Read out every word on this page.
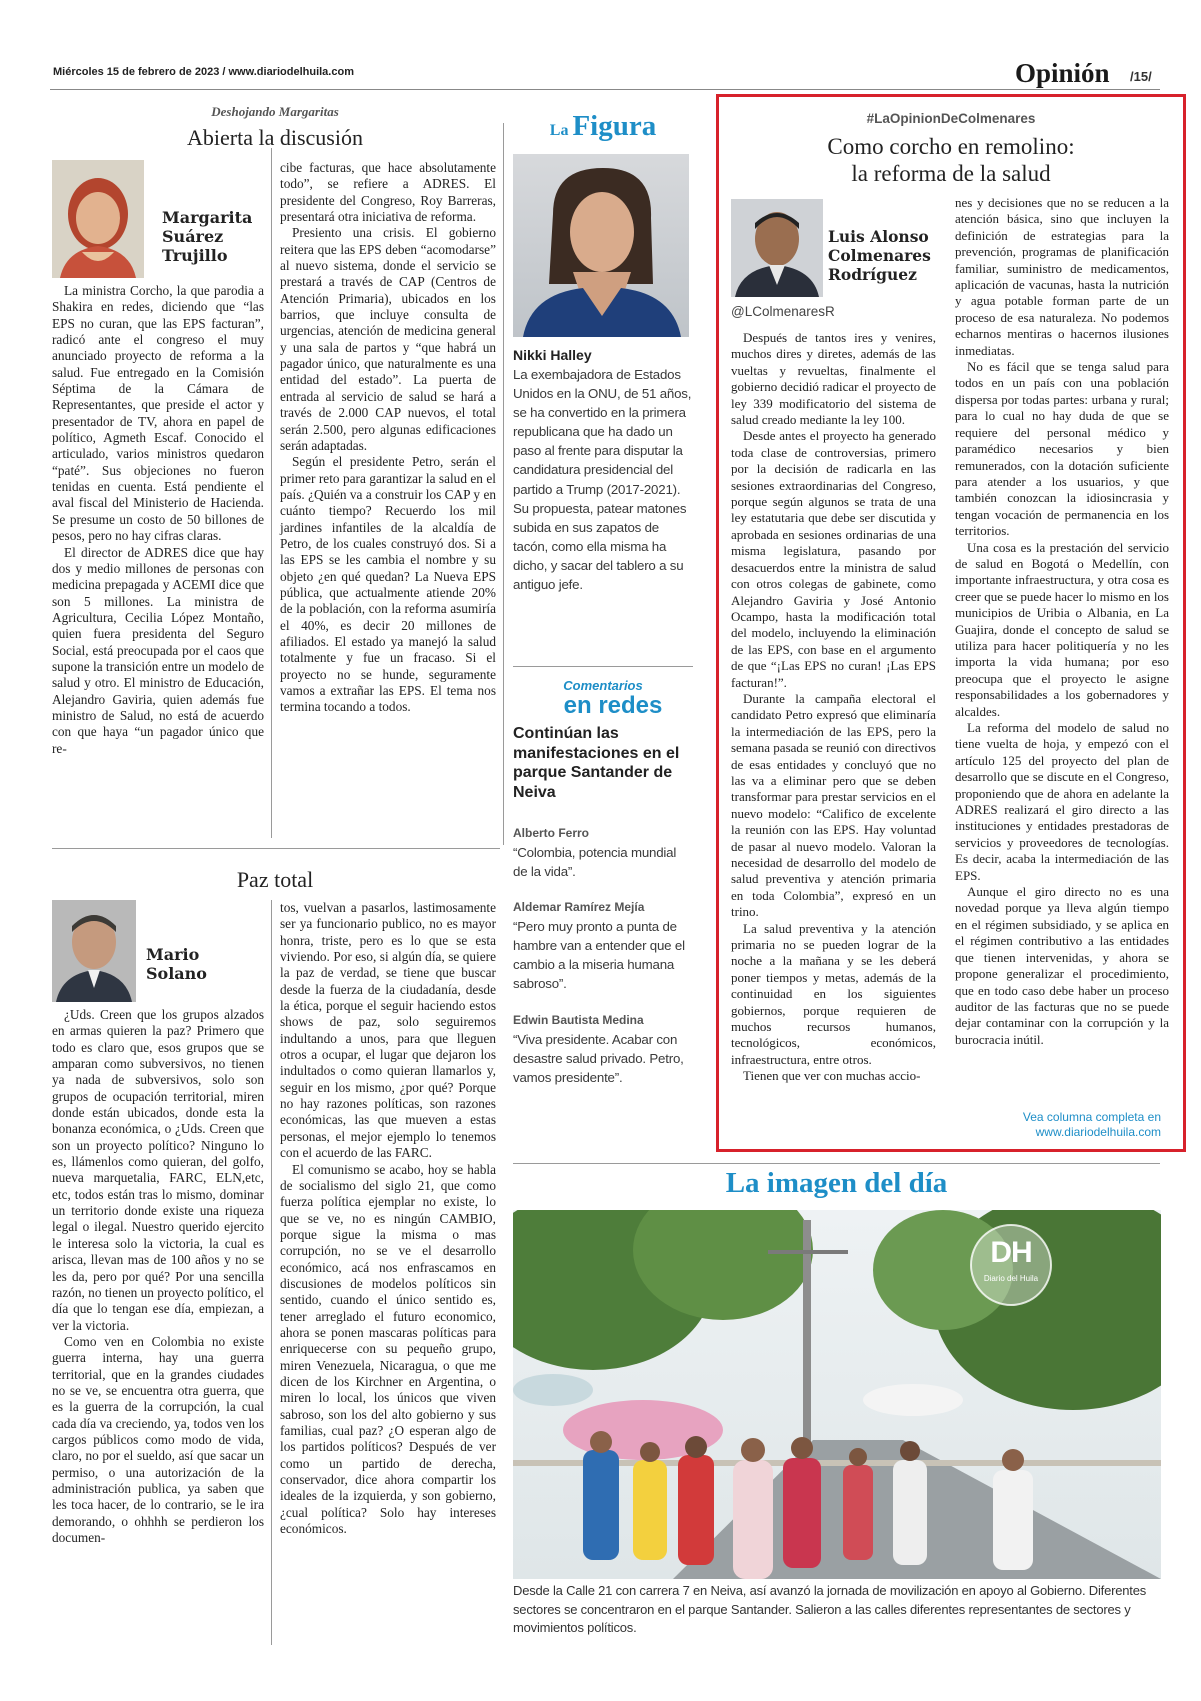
Miércoles 15 de febrero de 2023 / www.diariodelhuila.com	Opinión /15/
Deshojando Margaritas
Abierta la discusión
Margarita
Suárez
Trujillo

La ministra Corcho, la que parodia a Shakira en redes, diciendo que “las EPS no curan, que las EPS facturan”, radicó ante el congreso el muy anunciado proyecto de reforma a la salud. Fue entregado en la Comisión Séptima de la Cámara de Representantes, que preside el actor y presentador de TV, ahora en papel de político, Agmeth Escaf. Conocido el articulado, varios ministros quedaron “paté”. Sus objeciones no fueron tenidas en cuenta. Está pendiente el aval fiscal del Ministerio de Hacienda. Se presume un costo de 50 billones de pesos, pero no hay cifras claras.

El director de ADRES dice que hay dos y medio millones de personas con medicina prepagada y ACEMI dice que son 5 millones. La ministra de Agricultura, Cecilia López Montaño, quien fuera presidenta del Seguro Social, está preocupada por el caos que supone la transición entre un modelo de salud y otro. El ministro de Educación, Alejandro Gaviria, quien además fue ministro de Salud, no está de acuerdo con que haya “un pagador único que re-

cibe facturas, que hace absolutamente todo”, se refiere a ADRES. El presidente del Congreso, Roy Barreras, presentará otra iniciativa de reforma.

Presiento una crisis. El gobierno reitera que las EPS deben “acomodarse” al nuevo sistema, donde el servicio se prestará a través de CAP (Centros de Atención Primaria), ubicados en los barrios, que incluye consulta de urgencias, atención de medicina general y una sala de partos y “que habrá un pagador único, que naturalmente es una entidad del estado”. La puerta de entrada al servicio de salud se hará a través de 2.000 CAP nuevos, el total serán 2.500, pero algunas edificaciones serán adaptadas.

Según el presidente Petro, serán el primer reto para garantizar la salud en el país. ¿Quién va a construir los CAP y en cuánto tiempo? Recuerdo los mil jardines infantiles de la alcaldía de Petro, de los cuales construyó dos. Si a las EPS se les cambia el nombre y su objeto ¿en qué quedan? La Nueva EPS pública, que actualmente atiende 20% de la población, con la reforma asumiría el 40%, es decir 20 millones de afiliados. El estado ya manejó la salud totalmente y fue un fracaso. Si el proyecto no se hunde, seguramente vamos a extrañar las EPS. El tema nos termina tocando a todos.

Paz total
Mario
Solano

¿Uds. Creen que los grupos alzados en armas quieren la paz? Primero que todo es claro que, esos grupos que se amparan como subversivos, no tienen ya nada de subversivos, solo son grupos de ocupación territorial, miren donde están ubicados, donde esta la bonanza económica, o ¿Uds. Creen que son un proyecto político? Ninguno lo es, llámenlos como quieran, del golfo, nueva marquetalia, FARC, ELN,etc, etc, todos están tras lo mismo, dominar un territorio donde existe una riqueza legal o ilegal. Nuestro querido ejercito le interesa solo la victoria, la cual es arisca, llevan mas de 100 años y no se les da, pero por qué? Por una sencilla razón, no tienen un proyecto político, el día que lo tengan ese día, empiezan, a ver la victoria.

Como ven en Colombia no existe guerra interna, hay una guerra territorial, que en la grandes ciudades no se ve, se encuentra otra guerra, que es la guerra de la corrupción, la cual cada día va creciendo, ya, todos ven los cargos públicos como modo de vida, claro, no por el sueldo, así que sacar un permiso, o una autorización de la administración publica, ya saben que les toca hacer, de lo contrario, se le ira demorando, o ohhhh se perdieron los documen-

tos, vuelvan a pasarlos, lastimosamente ser ya funcionario publico, no es mayor honra, triste, pero es lo que se esta viviendo. Por eso, si algún día, se quiere la paz de verdad, se tiene que buscar desde la fuerza de la ciudadanía, desde la ética, porque el seguir haciendo estos shows de paz, solo seguiremos indultando a unos, para que lleguen otros a ocupar, el lugar que dejaron los indultados o como quieran llamarlos y, seguir en los mismo, ¿por qué? Porque no hay razones políticas, son razones económicas, las que mueven a estas personas, el mejor ejemplo lo tenemos con el acuerdo de las FARC.

El comunismo se acabo, hoy se habla de socialismo del siglo 21, que como fuerza política ejemplar no existe, lo que se ve, no es ningún CAMBIO, porque sigue la misma o mas corrupción, no se ve el desarrollo económico, acá nos enfrascamos en discusiones de modelos políticos sin sentido, cuando el único sentido es, tener arreglado el futuro economico, ahora se ponen mascaras políticas para enriquecerse con su pequeño grupo, miren Venezuela, Nicaragua, o que me dicen de los Kirchner en Argentina, o miren lo local, los únicos que viven sabroso, son los del alto gobierno y sus familias, cual paz? ¿O esperan algo de los partidos políticos? Después de ver como un partido de derecha, conservador, dice ahora compartir los ideales de la izquierda, y son gobierno, ¿cual política? Solo hay intereses económicos.

La Figura
Nikki Halley
La exembajadora de Estados Unidos en la ONU, de 51 años, se ha convertido en la primera republicana que ha dado un paso al frente para disputar la candidatura presidencial del partido a Trump (2017-2021). Su propuesta, patear matones subida en sus zapatos de tacón, como ella misma ha dicho, y sacar del tablero a su antiguo jefe.
Comentarios
en redes
Continúan las manifestaciones en el parque Santander de Neiva
Alberto Ferro
“Colombia, potencia mundial de la vida”.
Aldemar Ramírez Mejía
“Pero muy pronto a punta de hambre van a entender que el cambio a la miseria humana sabroso”.
Edwin Bautista Medina
“Viva presidente. Acabar con desastre salud privado. Petro, vamos presidente”.
#LaOpinionDeColmenares
Como corcho en remolino:
la reforma de la salud
Luis Alonso
Colmenares
Rodríguez
@LColmenaresR

Después de tantos ires y venires, muchos dires y diretes, además de las vueltas y revueltas, finalmente el gobierno decidió radicar el proyecto de ley 339 modificatorio del sistema de salud creado mediante la ley 100.

Desde antes el proyecto ha generado toda clase de controversias, primero por la decisión de radicarla en las sesiones extraordinarias del Congreso, porque según algunos se trata de una ley estatutaria que debe ser discutida y aprobada en sesiones ordinarias de una misma legislatura, pasando por desacuerdos entre la ministra de salud con otros colegas de gabinete, como Alejandro Gaviria y José Antonio Ocampo, hasta la modificación total del modelo, incluyendo la eliminación de las EPS, con base en el argumento de que “¡Las EPS no curan! ¡Las EPS facturan!”.

Durante la campaña electoral el candidato Petro expresó que eliminaría la intermediación de las EPS, pero la semana pasada se reunió con directivos de esas entidades y concluyó que no las va a eliminar pero que se deben transformar para prestar servicios en el nuevo modelo: “Califico de excelente la reunión con las EPS. Hay voluntad de pasar al nuevo modelo. Valoran la necesidad de desarrollo del modelo de salud preventiva y atención primaria en toda Colombia”, expresó en un trino.

La salud preventiva y la atención primaria no se pueden lograr de la noche a la mañana y se les deberá poner tiempos y metas, además de la continuidad en los siguientes gobiernos, porque requieren de muchos recursos humanos, tecnológicos, económicos, infraestructura, entre otros.

Tienen que ver con muchas accio-

nes y decisiones que no se reducen a la atención básica, sino que incluyen la definición de estrategias para la prevención, programas de planificación familiar, suministro de medicamentos, aplicación de vacunas, hasta la nutrición y agua potable forman parte de un proceso de esa naturaleza. No podemos echarnos mentiras o hacernos ilusiones inmediatas.

No es fácil que se tenga salud para todos en un país con una población dispersa por todas partes: urbana y rural; para lo cual no hay duda de que se requiere del personal médico y paramédico necesarios y bien remunerados, con la dotación suficiente para atender a los usuarios, y que también conozcan la idiosincrasia y tengan vocación de permanencia en los territorios.

Una cosa es la prestación del servicio de salud en Bogotá o Medellín, con importante infraestructura, y otra cosa es creer que se puede hacer lo mismo en los municipios de Uribia o Albania, en La Guajira, donde el concepto de salud se utiliza para hacer politiquería y no les importa la vida humana; por eso preocupa que el proyecto le asigne responsabilidades a los gobernadores y alcaldes.

La reforma del modelo de salud no tiene vuelta de hoja, y empezó con el artículo 125 del proyecto del plan de desarrollo que se discute en el Congreso, proponiendo que de ahora en adelante la ADRES realizará el giro directo a las instituciones y entidades prestadoras de servicios y proveedores de tecnologías. Es decir, acaba la intermediación de las EPS.

Aunque el giro directo no es una novedad porque ya lleva algún tiempo en el régimen subsidiado, y se aplica en el régimen contributivo a las entidades que tienen intervenidas, y ahora se propone generalizar el procedimiento, que en todo caso debe haber un proceso auditor de las facturas que no se puede dejar contaminar con la corrupción y la burocracia inútil.

Vea columna completa en
www.diariodelhuila.com
La imagen del día
DH
Diario del Huila
Desde la Calle 21 con carrera 7 en Neiva, así avanzó la jornada de movilización en apoyo al Gobierno. Diferentes sectores se concentraron en el parque Santander. Salieron a las calles diferentes representantes de sectores y movimientos políticos.
